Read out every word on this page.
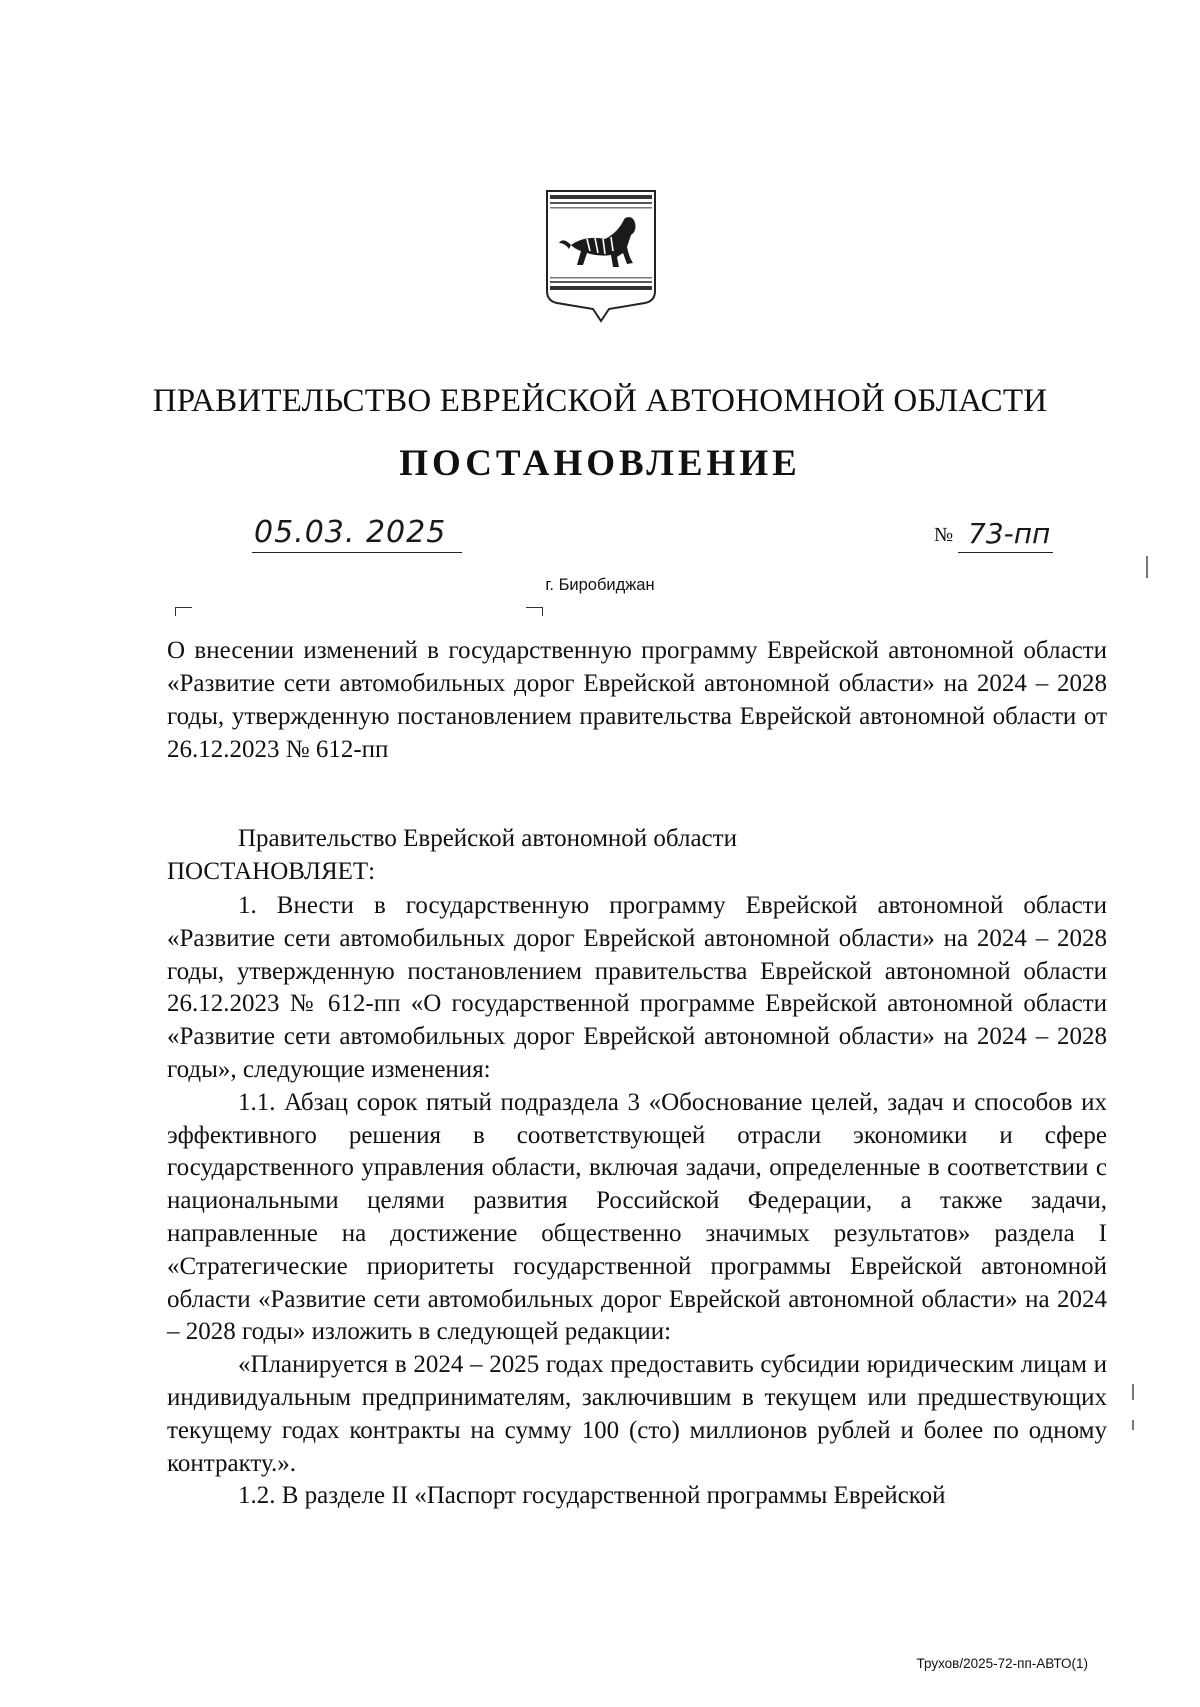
ПРАВИТЕЛЬСТВО ЕВРЕЙСКОЙ АВТОНОМНОЙ ОБЛАСТИ
ПОСТАНОВЛЕНИЕ
05.03. 2025	№ 73-пп
г. Биробиджан
О внесении изменений в государственную программу Еврейской автономной области «Развитие сети автомобильных дорог Еврейской автономной области» на 2024 – 2028 годы, утвержденную постановлением правительства Еврейской автономной области от 26.12.2023 № 612-пп
Правительство Еврейской автономной области
ПОСТАНОВЛЯЕТ:

1. Внести в государственную программу Еврейской автономной области «Развитие сети автомобильных дорог Еврейской автономной области» на 2024 – 2028 годы, утвержденную постановлением правительства Еврейской автономной области 26.12.2023 № 612-пп «О государственной программе Еврейской автономной области «Развитие сети автомобильных дорог Еврейской автономной области» на 2024 – 2028 годы», следующие изменения:

1.1. Абзац сорок пятый подраздела 3 «Обоснование целей, задач и способов их эффективного решения в соответствующей отрасли экономики и сфере государственного управления области, включая задачи, определенные в соответствии с национальными целями развития Российской Федерации, а также задачи, направленные на достижение общественно значимых результатов» раздела I «Стратегические приоритеты государственной программы Еврейской автономной области «Развитие сети автомобильных дорог Еврейской автономной области» на 2024 – 2028 годы» изложить в следующей редакции:

«Планируется в 2024 – 2025 годах предоставить субсидии юридическим лицам и индивидуальным предпринимателям, заключившим в текущем или предшествующих текущему годах контракты на сумму 100 (сто) миллионов рублей и более по одному контракту.».

1.2. В разделе II «Паспорт государственной программы Еврейской

Трухов/2025-72-пп-АВТО(1)
